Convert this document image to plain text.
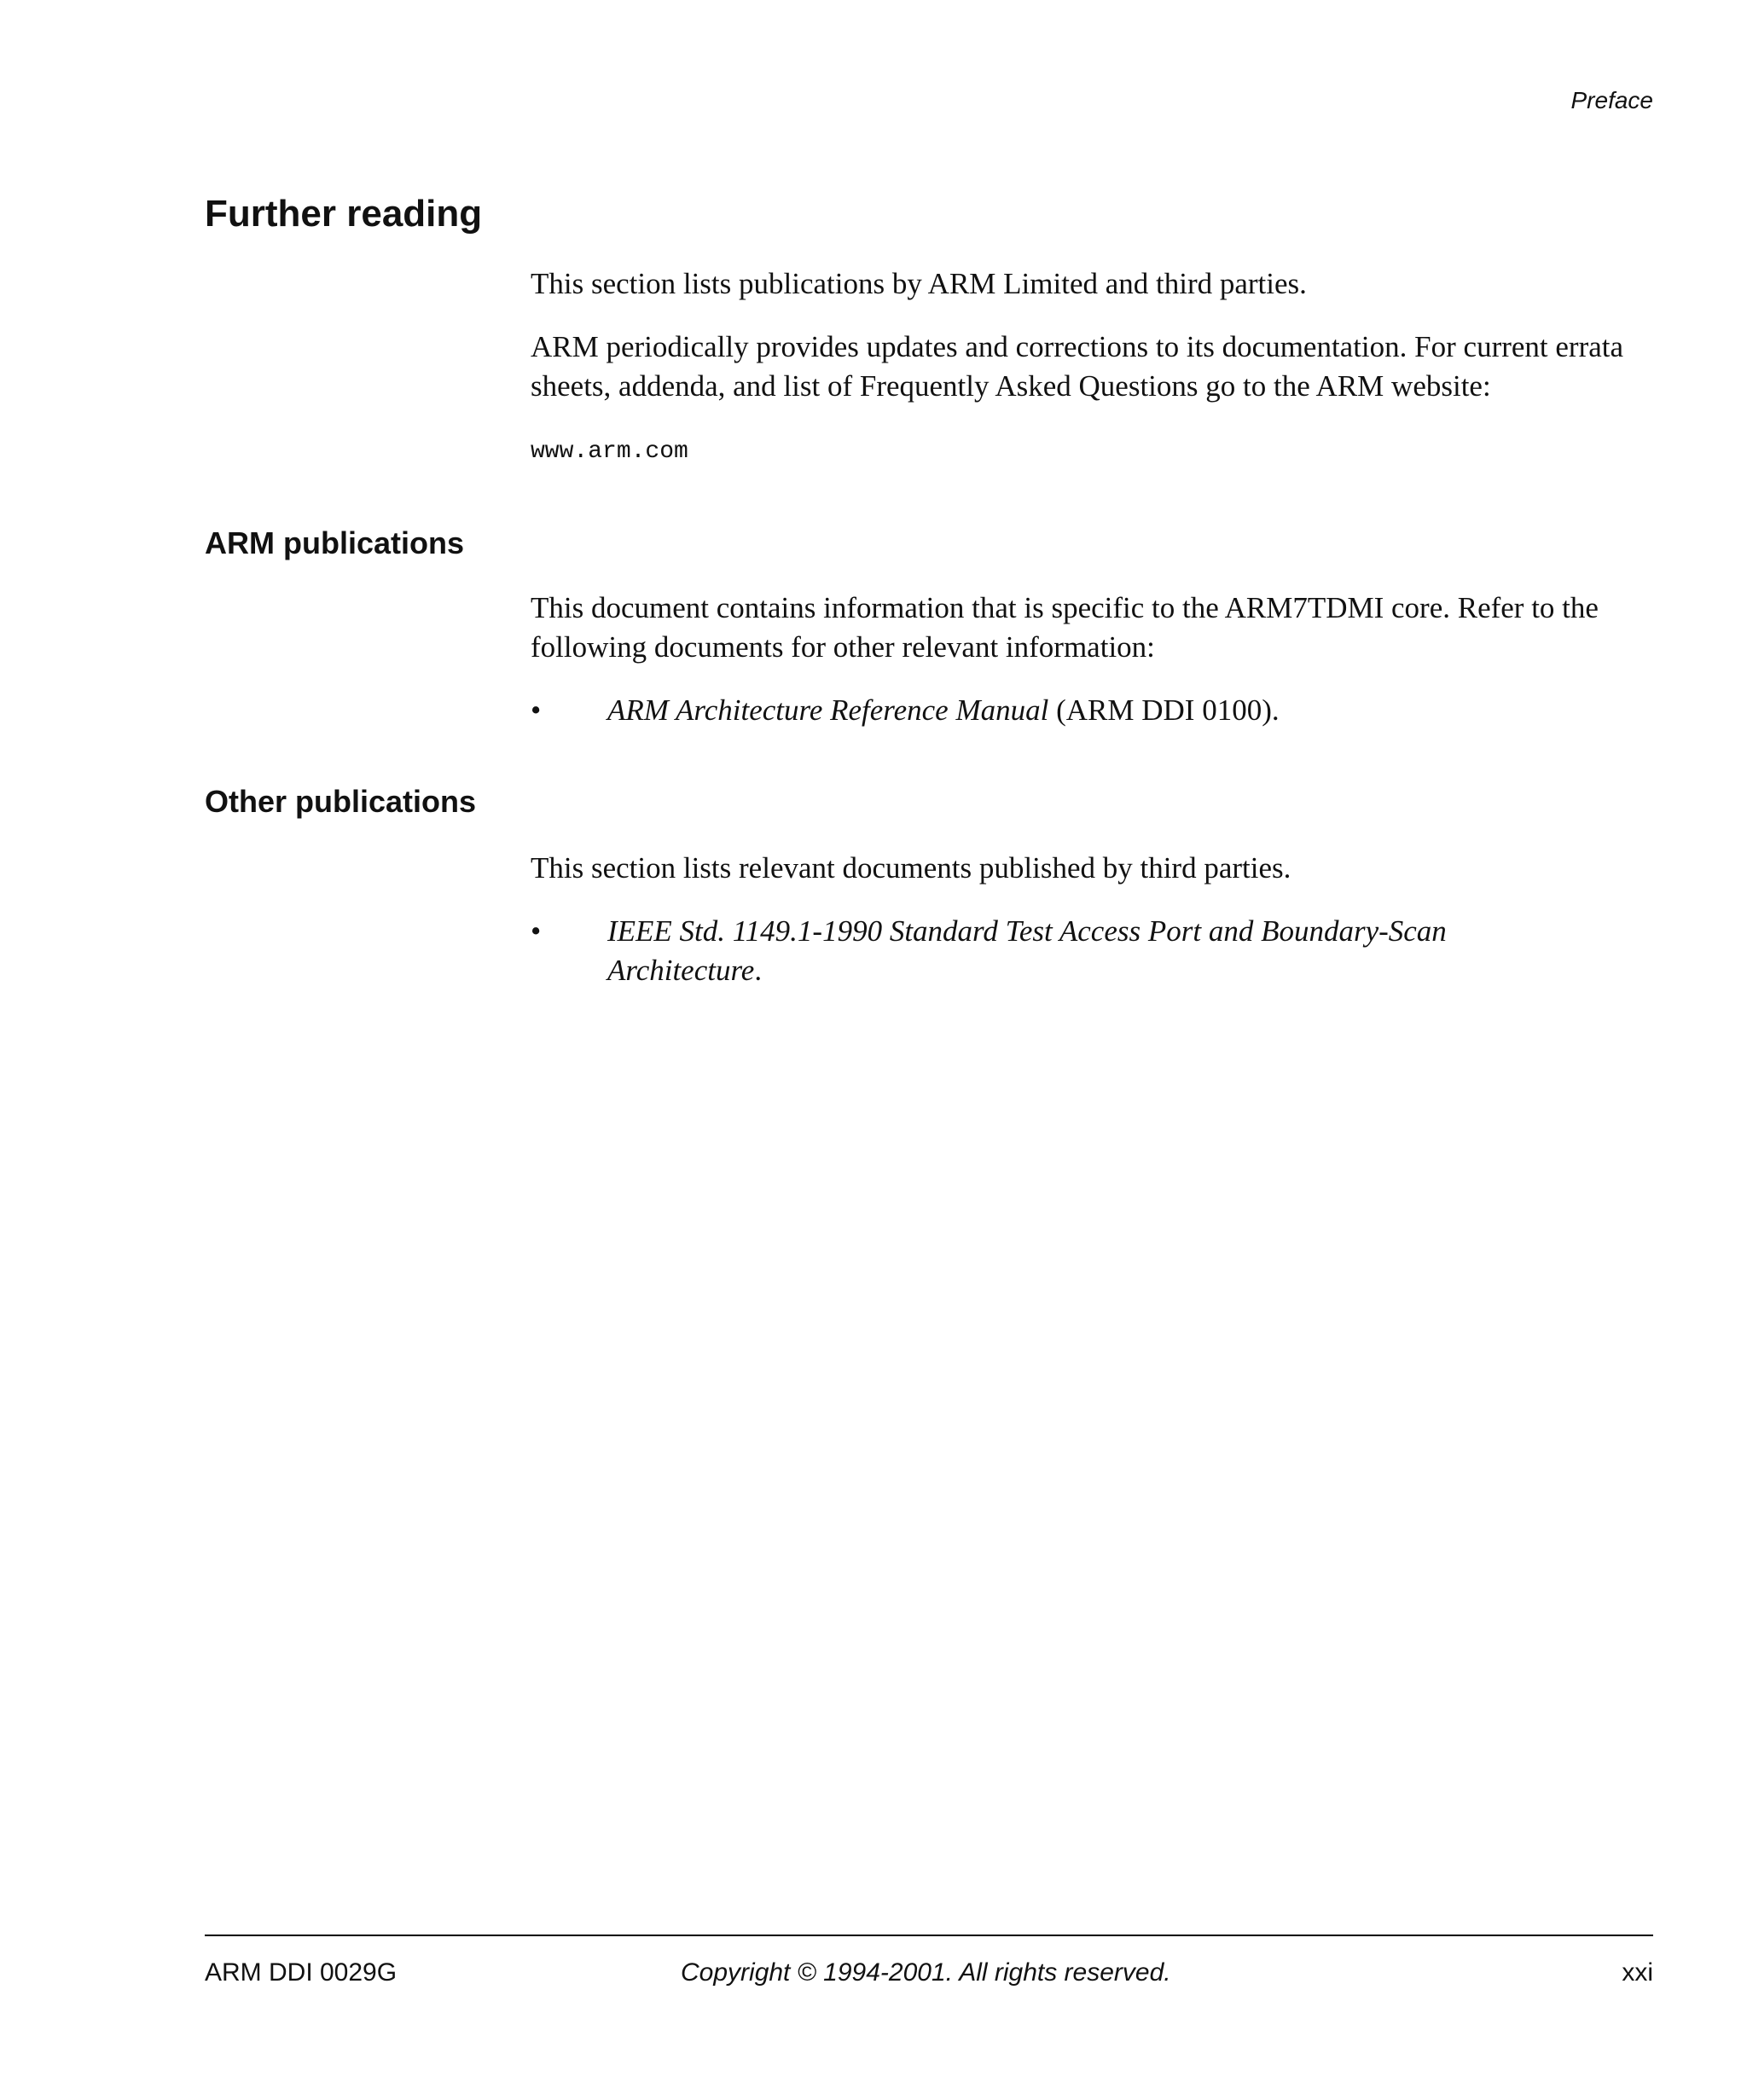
Preface
Further reading

This section lists publications by ARM Limited and third parties.

ARM periodically provides updates and corrections to its documentation. For current errata sheets, addenda, and list of Frequently Asked Questions go to the ARM website:

www.arm.com

ARM publications

This document contains information that is specific to the ARM7TDMI core. Refer to the following documents for other relevant information:

• ARM Architecture Reference Manual (ARM DDI 0100).
Other publications

This section lists relevant documents published by third parties.

• IEEE Std. 1149.1-1990 Standard Test Access Port and Boundary-Scan Architecture.
ARM DDI 0029G	Copyright © 1994-2001. All rights reserved.	xxi
